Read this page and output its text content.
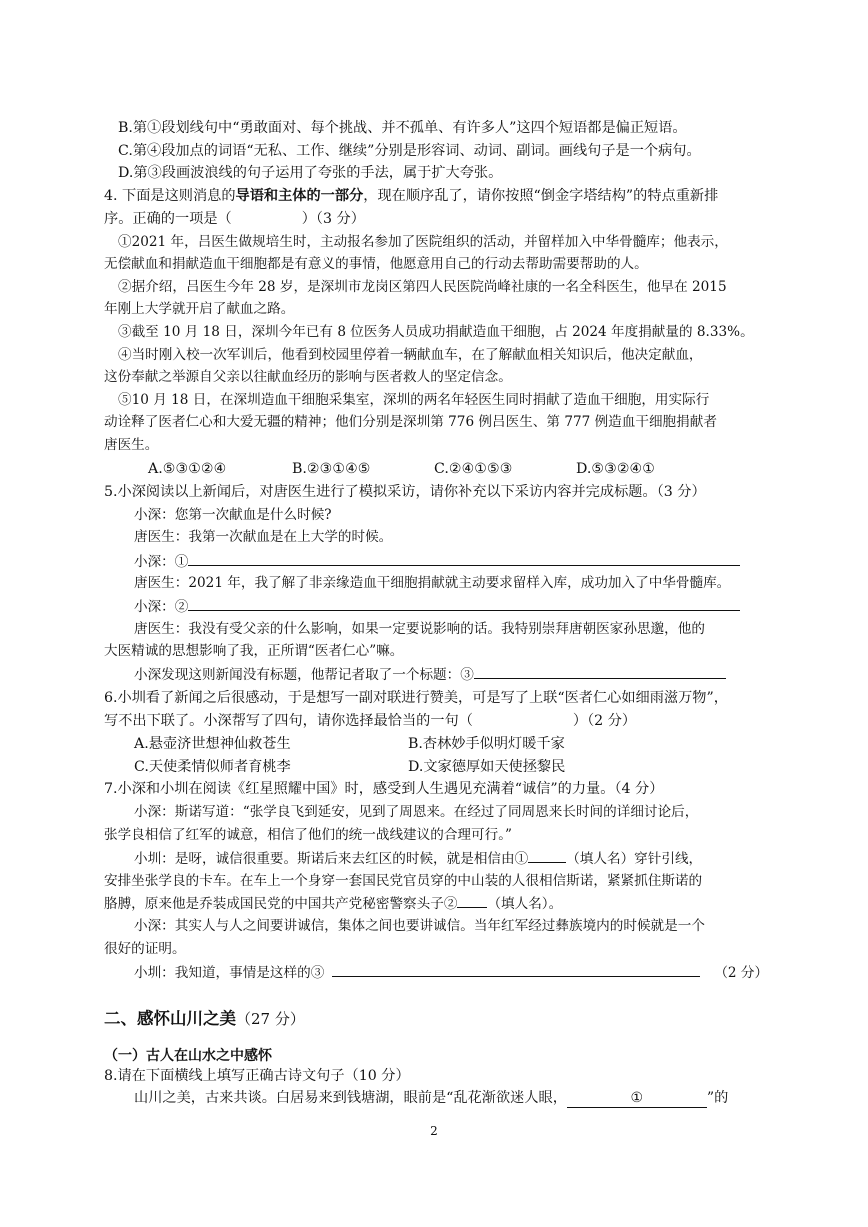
B.第①段划线句中“勇敢面对、每个挑战、并不孤单、有许多人”这四个短语都是偏正短语。
C.第④段加点的词语“无私、工作、继续”分别是形容词、动词、副词。画线句子是一个病句。
D.第③段画波浪线的句子运用了夸张的手法，属于扩大夸张。
4. 下面是这则消息的导语和主体的一部分，现在顺序乱了，请你按照“倒金字塔结构”的特点重新排
序。正确的一项是（	）（3 分）
①2021 年，吕医生做规培生时，主动报名参加了医院组织的活动，并留样加入中华骨髓库；他表示，
无偿献血和捐献造血干细胞都是有意义的事情，他愿意用自己的行动去帮助需要帮助的人。
②据介绍，吕医生今年 28 岁，是深圳市龙岗区第四人民医院尚峰社康的一名全科医生，他早在 2015
年刚上大学就开启了献血之路。
③截至 10 月 18 日，深圳今年已有 8 位医务人员成功捐献造血干细胞，占 2024 年度捐献量的 8.33%。
④当时刚入校一次军训后，他看到校园里停着一辆献血车，在了解献血相关知识后，他决定献血，
这份奉献之举源自父亲以往献血经历的影响与医者救人的坚定信念。
⑤10 月 18 日，在深圳造血干细胞采集室，深圳的两名年轻医生同时捐献了造血干细胞，用实际行
动诠释了医者仁心和大爱无疆的精神；他们分别是深圳第 776 例吕医生、第 777 例造血干细胞捐献者
唐医生。
A.⑤③①②④	B.②③①④⑤	C.②④①⑤③	D.⑤③②④①
5.小深阅读以上新闻后，对唐医生进行了模拟采访，请你补充以下采访内容并完成标题。（3 分）
小深：您第一次献血是什么时候?
唐医生：我第一次献血是在上大学的时候。
小深：①
唐医生：2021 年，我了解了非亲缘造血干细胞捐献就主动要求留样入库，成功加入了中华骨髓库。
小深：②
唐医生：我没有受父亲的什么影响，如果一定要说影响的话。我特别崇拜唐朝医家孙思邈，他的
大医精诚的思想影响了我，正所谓“医者仁心”嘛。
小深发现这则新闻没有标题，他帮记者取了一个标题：③
6.小圳看了新闻之后很感动，于是想写一副对联进行赞美，可是写了上联“医者仁心如细雨滋万物”，
写不出下联了。小深帮写了四句，请你选择最恰当的一句（	）（2 分）
A.悬壶济世想神仙救苍生	B.杏林妙手似明灯暖千家
C.天使柔情似师者育桃李	D.文家德厚如天使拯黎民
7.小深和小圳在阅读《红星照耀中国》时，感受到人生遇见充满着“诚信”的力量。（4 分）
小深：斯诺写道：“张学良飞到延安，见到了周恩来。在经过了同周恩来长时间的详细讨论后，
张学良相信了红军的诚意，相信了他们的统一战线建议的合理可行。”
小圳：是呀，诚信很重要。斯诺后来去红区的时候，就是相信由①	（填人名）穿针引线，
安排坐张学良的卡车。在车上一个身穿一套国民党官员穿的中山装的人很相信斯诺，紧紧抓住斯诺的
胳膊，原来他是乔装成国民党的中国共产党秘密警察头子② （填人名）。
小深：其实人与人之间要讲诚信，集体之间也要讲诚信。当年红军经过彝族境内的时候就是一个
很好的证明。
小圳：我知道，事情是这样的③	（2 分）
二、感怀山川之美（27 分）
（一）古人在山水之中感怀
8.请在下面横线上填写正确古诗文句子（10 分）
山川之美，古来共谈。白居易来到钱塘湖，眼前是“乱花渐欲迷人眼，	①	”的
2
